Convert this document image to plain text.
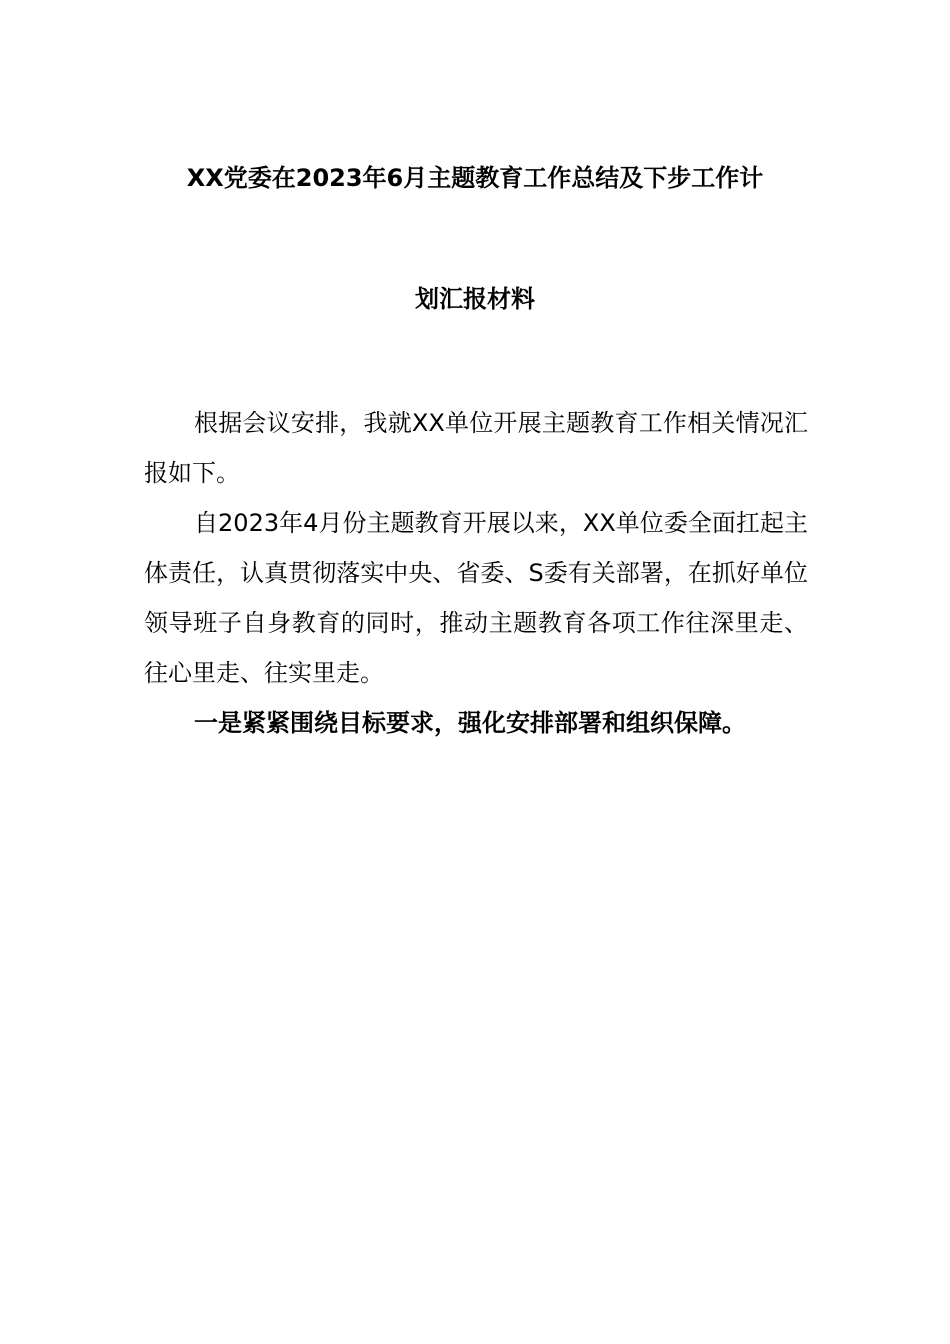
XX党委在2023年6月主题教育工作总结及下步工作计
划汇报材料

根据会议安排，我就XX单位开展主题教育工作相关情况汇报如下。

自2023年4月份主题教育开展以来，XX单位委全面扛起主体责任，认真贯彻落实中央、省委、S委有关部署，在抓好单位领导班子自身教育的同时，推动主题教育各项工作往深里走、往心里走、往实里走。

一是紧紧围绕目标要求，强化安排部署和组织保障。
